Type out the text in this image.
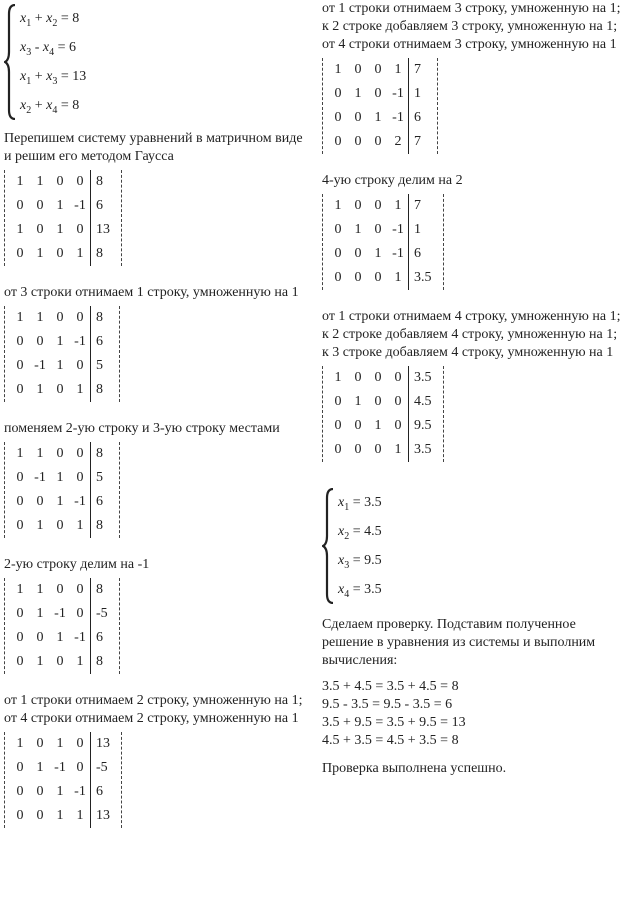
$x_1 + x_2 = 8$
$x_3 - x_4 = 6$
$x_1 + x_3 = 13$
$x_2 + x_4 = 8$

Перепишем систему уравнений в матричном виде и решим его методом Гаусса

1	1	0	0	8
0	0	1	-1	6
1	0	1	0	13
0	1	0	1	8

от 3 строки отнимаем 1 строку, умноженную на 1

1	1	0	0	8
0	0	1	-1	6
0	-1	1	0	5
0	1	0	1	8

поменяем 2-ую строку и 3-ую строку местами

1	1	0	0	8
0	-1	1	0	5
0	0	1	-1	6
0	1	0	1	8

2-ую строку делим на -1

1	1	0	0	8
0	1	-1	0	-5
0	0	1	-1	6
0	1	0	1	8

от 1 строки отнимаем 2 строку, умноженную на 1; от 4 строки отнимаем 2 строку, умноженную на 1

1	0	1	0	13
0	1	-1	0	-5
0	0	1	-1	6
0	0	1	1	13

от 1 строки отнимаем 3 строку, умноженную на 1; к 2 строке добавляем 3 строку, умноженную на 1; от 4 строки отнимаем 3 строку, умноженную на 1

1	0	0	1	7
0	1	0	-1	1
0	0	1	-1	6
0	0	0	2	7

4-ую строку делим на 2

1	0	0	1	7
0	1	0	-1	1
0	0	1	-1	6
0	0	0	1	3.5

от 1 строки отнимаем 4 строку, умноженную на 1; к 2 строке добавляем 4 строку, умноженную на 1; к 3 строке добавляем 4 строку, умноженную на 1

1	0	0	0	3.5
0	1	0	0	4.5
0	0	1	0	9.5
0	0	0	1	3.5
$x_1 = 3.5$
$x_2 = 4.5$
$x_3 = 9.5$
$x_4 = 3.5$

Сделаем проверку. Подставим полученное решение в уравнения из системы и выполним вычисления:

3.5 + 4.5 = 3.5 + 4.5 = 8
9.5 - 3.5 = 9.5 - 3.5 = 6
3.5 + 9.5 = 3.5 + 9.5 = 13
4.5 + 3.5 = 4.5 + 3.5 = 8

Проверка выполнена успешно.
